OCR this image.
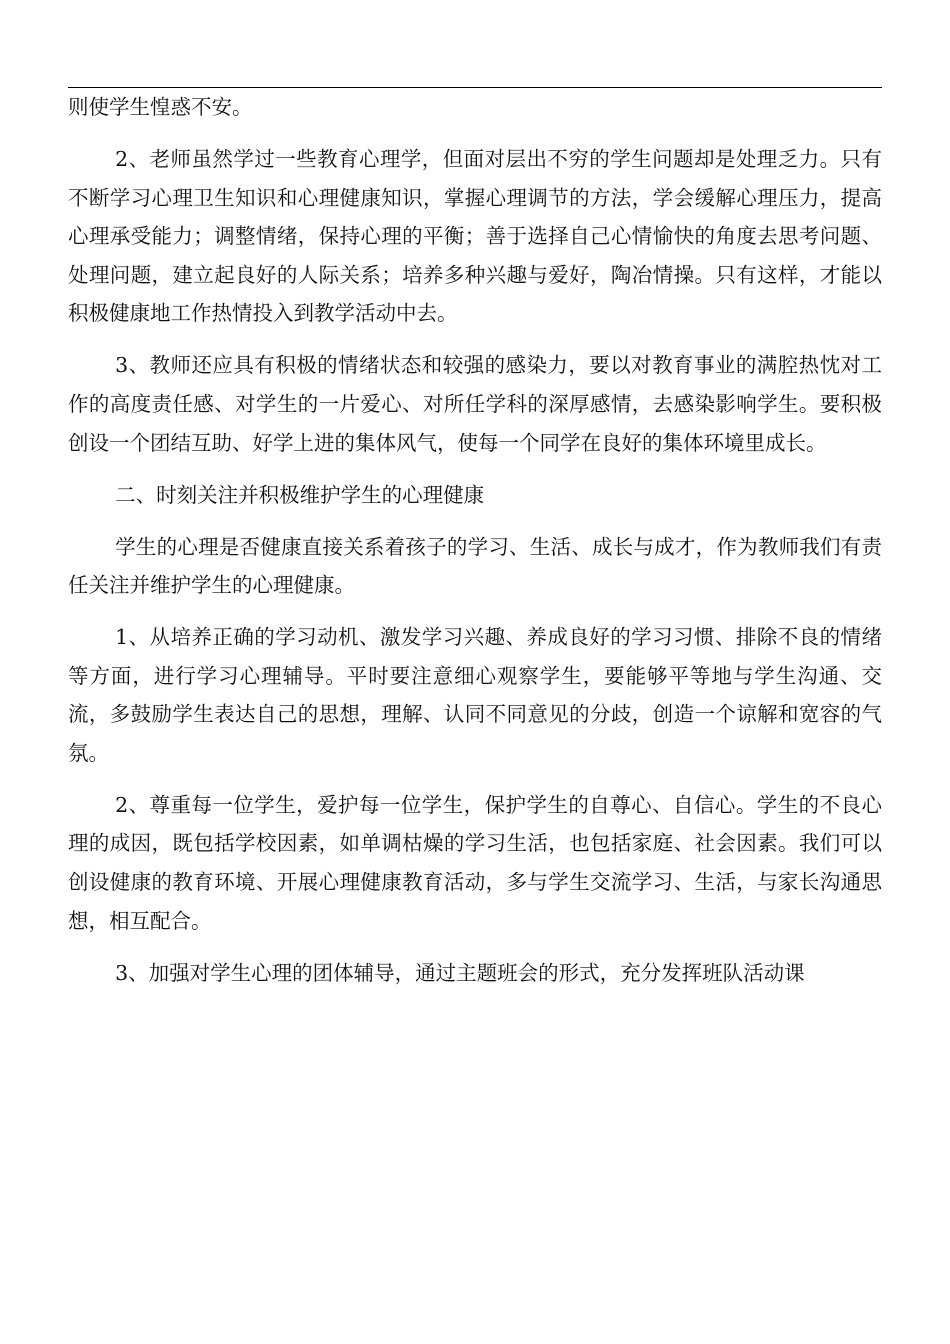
则使学生惶惑不安。

2、老师虽然学过一些教育心理学，但面对层出不穷的学生问题却是处理乏力。只有不断学习心理卫生知识和心理健康知识，掌握心理调节的方法，学会缓解心理压力，提高心理承受能力；调整情绪，保持心理的平衡；善于选择自己心情愉快的角度去思考问题、处理问题，建立起良好的人际关系；培养多种兴趣与爱好，陶冶情操。只有这样，才能以积极健康地工作热情投入到教学活动中去。

3、教师还应具有积极的情绪状态和较强的感染力，要以对教育事业的满腔热忱对工作的高度责任感、对学生的一片爱心、对所任学科的深厚感情，去感染影响学生。要积极创设一个团结互助、好学上进的集体风气，使每一个同学在良好的集体环境里成长。

二、时刻关注并积极维护学生的心理健康

学生的心理是否健康直接关系着孩子的学习、生活、成长与成才，作为教师我们有责任关注并维护学生的心理健康。

1、从培养正确的学习动机、激发学习兴趣、养成良好的学习习惯、排除不良的情绪等方面，进行学习心理辅导。平时要注意细心观察学生，要能够平等地与学生沟通、交流，多鼓励学生表达自己的思想，理解、认同不同意见的分歧，创造一个谅解和宽容的气氛。

2、尊重每一位学生，爱护每一位学生，保护学生的自尊心、自信心。学生的不良心理的成因，既包括学校因素，如单调枯燥的学习生活，也包括家庭、社会因素。我们可以创设健康的教育环境、开展心理健康教育活动，多与学生交流学习、生活，与家长沟通思想，相互配合。

3、加强对学生心理的团体辅导，通过主题班会的形式，充分发挥班队活动课
